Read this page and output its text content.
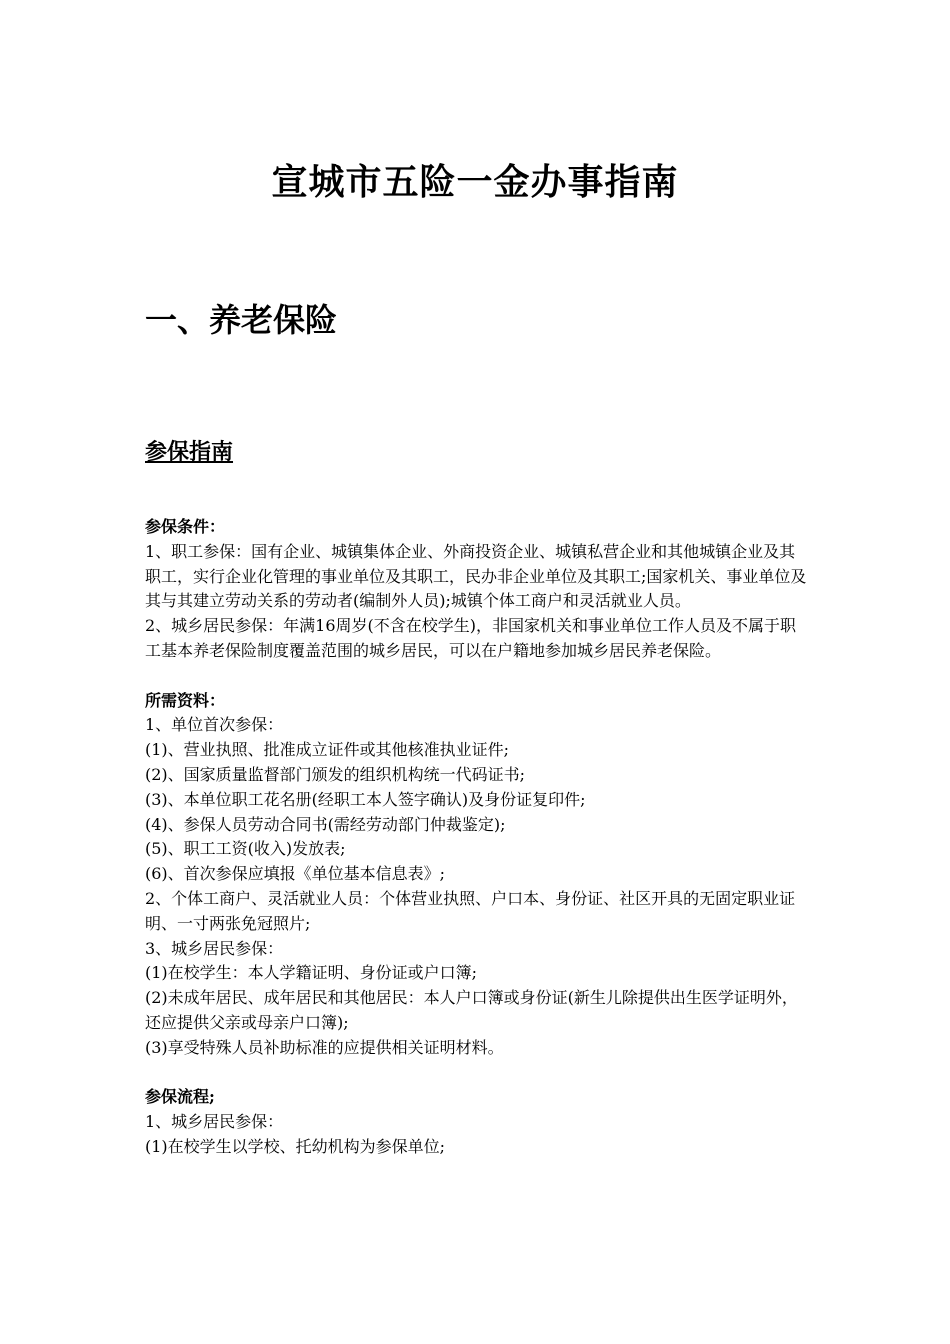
宣城市五险一金办事指南
一、养老保险
参保指南
参保条件：
1、职工参保：国有企业、城镇集体企业、外商投资企业、城镇私营企业和其他城镇企业及其职工，实行企业化管理的事业单位及其职工，民办非企业单位及其职工;国家机关、事业单位及其与其建立劳动关系的劳动者(编制外人员);城镇个体工商户和灵活就业人员。
2、城乡居民参保：年满16周岁(不含在校学生)，非国家机关和事业单位工作人员及不属于职工基本养老保险制度覆盖范围的城乡居民，可以在户籍地参加城乡居民养老保险。
所需资料：
1、单位首次参保：
(1)、营业执照、批准成立证件或其他核准执业证件;
(2)、国家质量监督部门颁发的组织机构统一代码证书;
(3)、本单位职工花名册(经职工本人签字确认)及身份证复印件;
(4)、参保人员劳动合同书(需经劳动部门仲裁鉴定);
(5)、职工工资(收入)发放表;
(6)、首次参保应填报《单位基本信息表》;
2、个体工商户、灵活就业人员：个体营业执照、户口本、身份证、社区开具的无固定职业证明、一寸两张免冠照片;
3、城乡居民参保：
(1)在校学生：本人学籍证明、身份证或户口簿;
(2)未成年居民、成年居民和其他居民：本人户口簿或身份证(新生儿除提供出生医学证明外，还应提供父亲或母亲户口簿);
(3)享受特殊人员补助标准的应提供相关证明材料。
参保流程;
1、城乡居民参保：
(1)在校学生以学校、托幼机构为参保单位;
